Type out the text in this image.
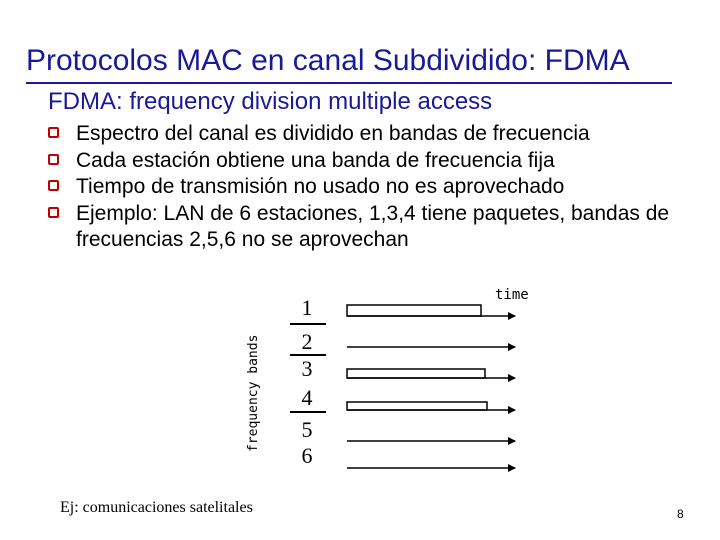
Protocolos MAC en canal Subdividido: FDMA
FDMA: frequency division multiple access
Espectro del canal es dividido en bandas de frecuencia
Cada estación obtiene una banda de frecuencia fija
Tiempo de transmisión no usado no es aprovechado
Ejemplo: LAN de 6 estaciones, 1,3,4 tiene paquetes, bandas de frecuencias 2,5,6 no se aprovechan
frequency bands
1
2
3
4
5
6
time
Ej: comunicaciones satelitales	8
